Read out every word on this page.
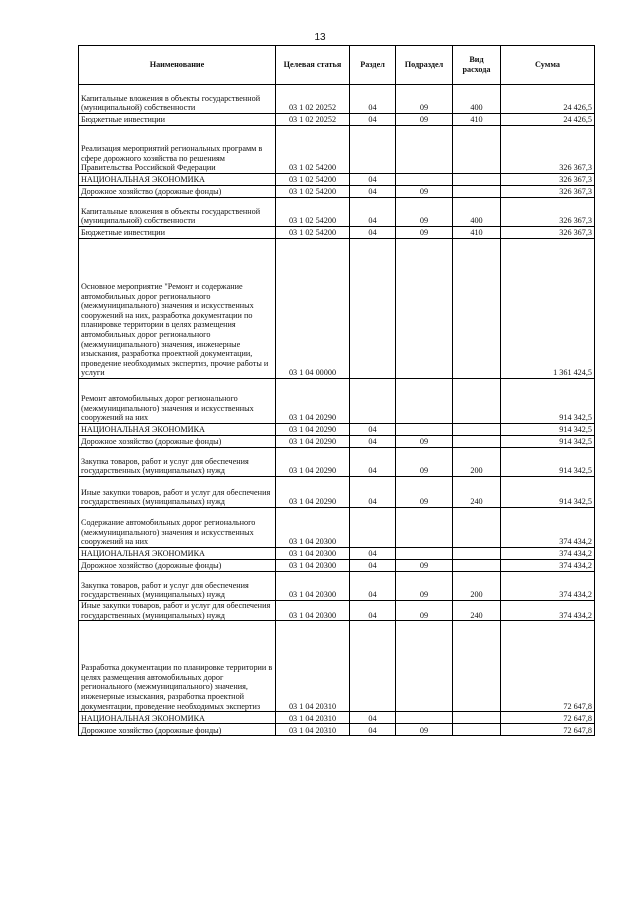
13
Наименование	Целевая статья	Раздел	Подраздел	Вид расхода	Сумма
Капитальные вложения в объекты государственной (муниципальной) собственности	03 1 02 20252	04	09	400	24 426,5
Бюджетные инвестиции	03 1 02 20252	04	09	410	24 426,5
Реализация мероприятий региональных программ в сфере дорожного хозяйства по решениям Правительства Российской Федерации	03 1 02 54200				326 367,3
НАЦИОНАЛЬНАЯ ЭКОНОМИКА	03 1 02 54200	04			326 367,3
Дорожное хозяйство (дорожные фонды)	03 1 02 54200	04	09		326 367,3
Капитальные вложения в объекты государственной (муниципальной) собственности	03 1 02 54200	04	09	400	326 367,3
Бюджетные инвестиции	03 1 02 54200	04	09	410	326 367,3
Основное мероприятие "Ремонт и содержание автомобильных дорог регионального (межмуниципального) значения и искусственных сооружений на них, разработка документации по планировке территории в целях размещения автомобильных дорог регионального (межмуниципального) значения, инженерные изыскания, разработка проектной документации, проведение необходимых экспертиз, прочие работы и услуги	03 1 04 00000				1 361 424,5
Ремонт автомобильных дорог регионального (межмуниципального) значения и искусственных сооружений на них	03 1 04 20290				914 342,5
НАЦИОНАЛЬНАЯ ЭКОНОМИКА	03 1 04 20290	04			914 342,5
Дорожное хозяйство (дорожные фонды)	03 1 04 20290	04	09		914 342,5
Закупка товаров, работ и услуг для обеспечения государственных (муниципальных) нужд	03 1 04 20290	04	09	200	914 342,5
Иные закупки товаров, работ и услуг для обеспечения государственных (муниципальных) нужд	03 1 04 20290	04	09	240	914 342,5
Содержание автомобильных дорог регионального (межмуниципального) значения и искусственных сооружений на них	03 1 04 20300				374 434,2
НАЦИОНАЛЬНАЯ ЭКОНОМИКА	03 1 04 20300	04			374 434,2
Дорожное хозяйство (дорожные фонды)	03 1 04 20300	04	09		374 434,2
Закупка товаров, работ и услуг для обеспечения государственных (муниципальных) нужд	03 1 04 20300	04	09	200	374 434,2
Иные закупки товаров, работ и услуг для обеспечения государственных (муниципальных) нужд	03 1 04 20300	04	09	240	374 434,2
Разработка документации по планировке территории в целях размещения автомобильных дорог регионального (межмуниципального) значения, инженерные изыскания, разработка проектной документации, проведение необходимых экспертиз	03 1 04 20310				72 647,8
НАЦИОНАЛЬНАЯ ЭКОНОМИКА	03 1 04 20310	04			72 647,8
Дорожное хозяйство (дорожные фонды)	03 1 04 20310	04	09		72 647,8
